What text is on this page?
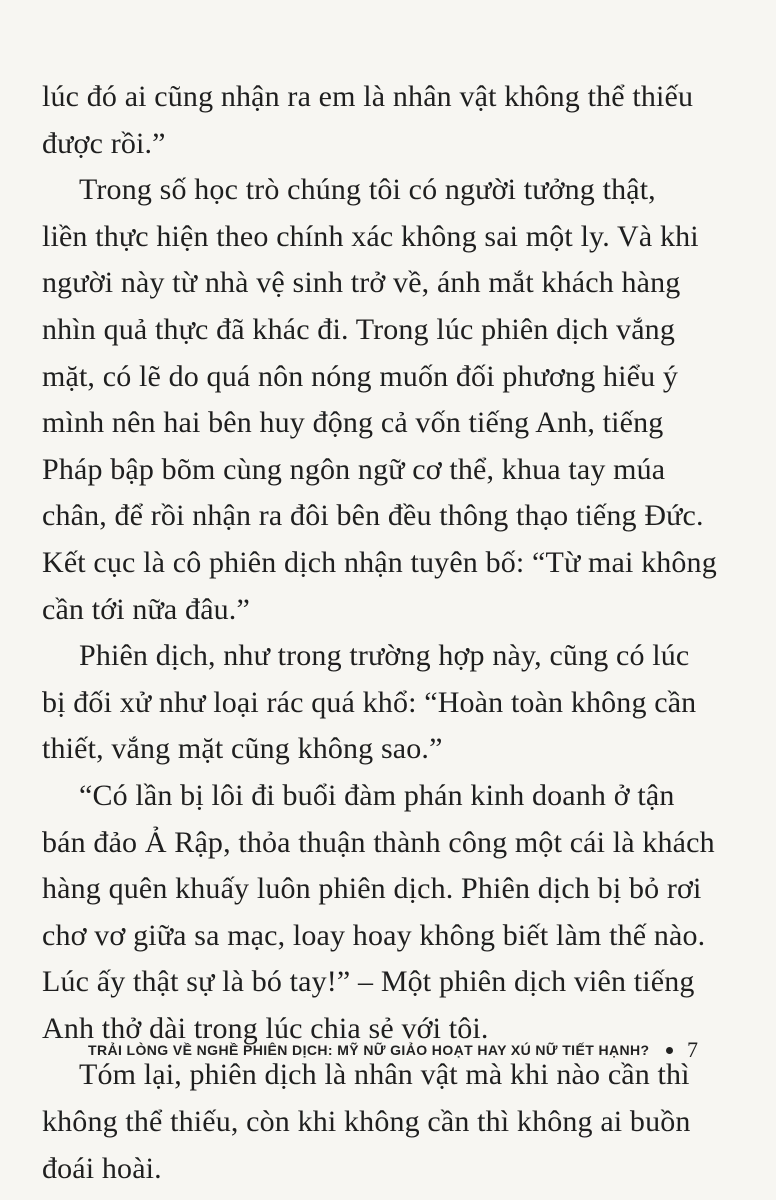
lúc đó ai cũng nhận ra em là nhân vật không thể thiếu
được rồi.”
Trong số học trò chúng tôi có người tưởng thật,
liền thực hiện theo chính xác không sai một ly. Và khi
người này từ nhà vệ sinh trở về, ánh mắt khách hàng
nhìn quả thực đã khác đi. Trong lúc phiên dịch vắng
mặt, có lẽ do quá nôn nóng muốn đối phương hiểu ý
mình nên hai bên huy động cả vốn tiếng Anh, tiếng
Pháp bập bõm cùng ngôn ngữ cơ thể, khua tay múa
chân, để rồi nhận ra đôi bên đều thông thạo tiếng Đức.
Kết cục là cô phiên dịch nhận tuyên bố: “Từ mai không
cần tới nữa đâu.”
Phiên dịch, như trong trường hợp này, cũng có lúc
bị đối xử như loại rác quá khổ: “Hoàn toàn không cần
thiết, vắng mặt cũng không sao.”
“Có lần bị lôi đi buổi đàm phán kinh doanh ở tận
bán đảo Ả Rập, thỏa thuận thành công một cái là khách
hàng quên khuấy luôn phiên dịch. Phiên dịch bị bỏ rơi
chơ vơ giữa sa mạc, loay hoay không biết làm thế nào.
Lúc ấy thật sự là bó tay!” – Một phiên dịch viên tiếng
Anh thở dài trong lúc chia sẻ với tôi.
Tóm lại, phiên dịch là nhân vật mà khi nào cần thì
không thể thiếu, còn khi không cần thì không ai buồn
đoái hoài.
TRẢI LÒNG VỀ NGHỀ PHIÊN DỊCH: MỸ NỮ GIẢO HOẠT HAY XÚ NỮ TIẾT HẠNH? 7
